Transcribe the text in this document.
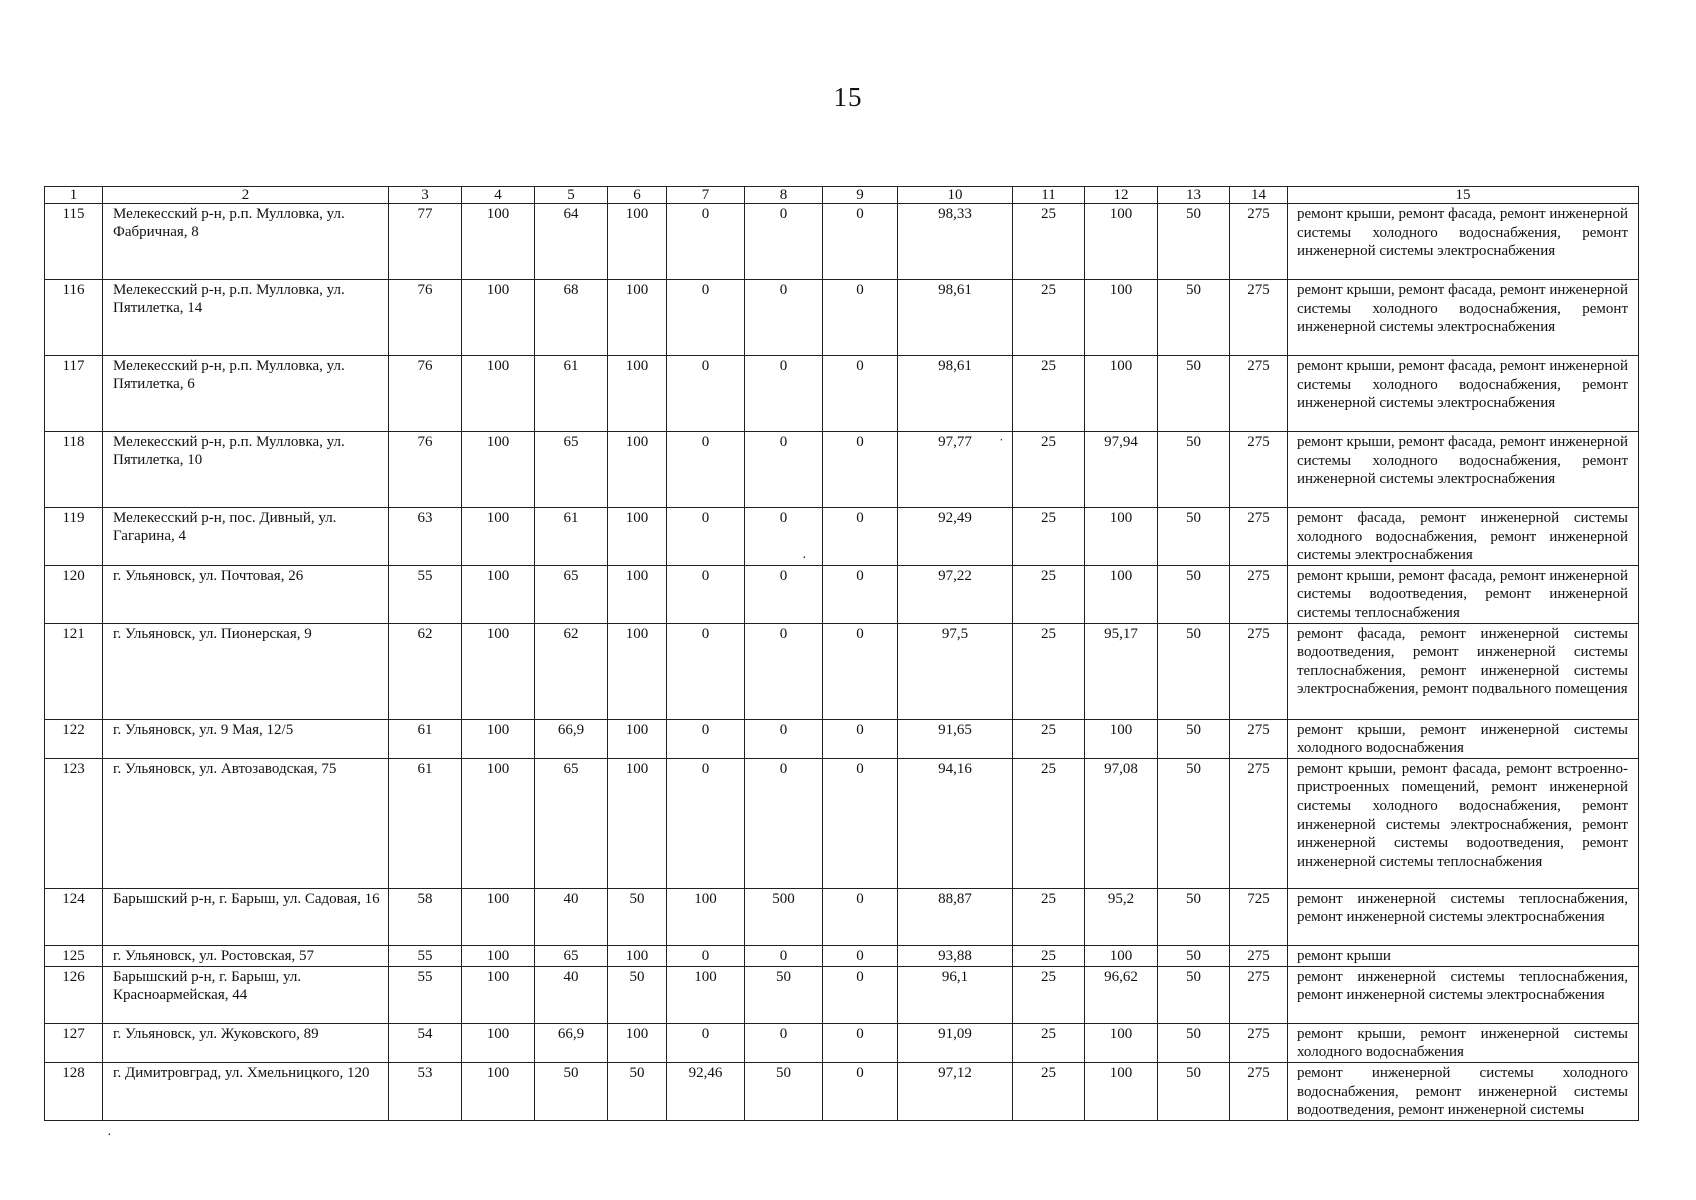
15
1	2	3	4	5	6	7	8	9	10	11	12	13	14	15
115	Мелекесский р-н, р.п. Мулловка, ул. Фабричная, 8	77	100	64	100	0	0	0	98,33	25	100	50	275	ремонт крыши, ремонт фасада, ремонт инженерной системы холодного водоснабжения, ремонт инженерной системы электроснабжения

116	Мелекесский р-н, р.п. Мулловка, ул. Пятилетка, 14	76	100	68	100	0	0	0	98,61	25	100	50	275	ремонт крыши, ремонт фасада, ремонт инженерной системы холодного водоснабжения, ремонт инженерной системы электроснабжения

117	Мелекесский р-н, р.п. Мулловка, ул. Пятилетка, 6	76	100	61	100	0	0	0	98,61	25	100	50	275	ремонт крыши, ремонт фасада, ремонт инженерной системы холодного водоснабжения, ремонт инженерной системы электроснабжения

118	Мелекесский р-н, р.п. Мулловка, ул. Пятилетка, 10	76	100	65	100	0	0	0	97,77	25	97,94	50	275	ремонт крыши, ремонт фасада, ремонт инженерной системы холодного водоснабжения, ремонт инженерной системы электроснабжения

119	Мелекесский р-н, пос. Дивный, ул. Гагарина, 4	63	100	61	100	0	0	0	92,49	25	100	50	275	ремонт фасада, ремонт инженерной системы холодного водоснабжения, ремонт инженерной системы электроснабжения

120	г. Ульяновск, ул. Почтовая, 26	55	100	65	100	0	0	0	97,22	25	100	50	275	ремонт крыши, ремонт фасада, ремонт инженерной системы водоотведения, ремонт инженерной системы теплоснабжения

121	г. Ульяновск, ул. Пионерская, 9	62	100	62	100	0	0	0	97,5	25	95,17	50	275	ремонт фасада, ремонт инженерной системы водоотведения, ремонт инженерной системы теплоснабжения, ремонт инженерной системы электроснабжения, ремонт подвального помещения

122	г. Ульяновск, ул. 9 Мая, 12/5	61	100	66,9	100	0	0	0	91,65	25	100	50	275	ремонт крыши, ремонт инженерной системы холодного водоснабжения

123	г. Ульяновск, ул. Автозаводская, 75	61	100	65	100	0	0	0	94,16	25	97,08	50	275	ремонт крыши, ремонт фасада, ремонт встроенно-пристроенных помещений, ремонт инженерной системы холодного водоснабжения, ремонт инженерной системы электроснабжения, ремонт инженерной системы водоотведения, ремонт инженерной системы теплоснабжения

124	Барышский р-н, г. Барыш, ул. Садовая, 16	58	100	40	50	100	500	0	88,87	25	95,2	50	725	ремонт инженерной системы теплоснабжения, ремонт инженерной системы электроснабжения

125	г. Ульяновск, ул. Ростовская, 57	55	100	65	100	0	0	0	93,88	25	100	50	275	ремонт крыши

126	Барышский р-н, г. Барыш, ул. Красноармейская, 44	55	100	40	50	100	50	0	96,1	25	96,62	50	275	ремонт инженерной системы теплоснабжения, ремонт инженерной системы электроснабжения

127	г. Ульяновск, ул. Жуковского, 89	54	100	66,9	100	0	0	0	91,09	25	100	50	275	ремонт крыши, ремонт инженерной системы холодного водоснабжения

128	г. Димитровград, ул. Хмельницкого, 120	53	100	50	50	92,46	50	0	97,12	25	100	50	275	ремонт инженерной системы холодного водоснабжения, ремонт инженерной системы водоотведения, ремонт инженерной системы
˙
·
·
